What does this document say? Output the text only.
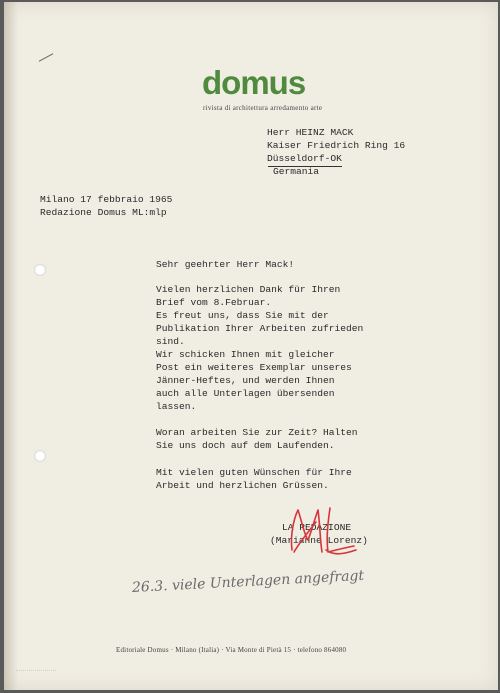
domus
rivista di architettura arredamento arte
Herr HEINZ MACK
Kaiser Friedrich Ring 16
Düsseldorf-OK
Germania
Milano 17 febbraio 1965
Redazione Domus ML:mlp
Sehr geehrter Herr Mack!
Vielen herzlichen Dank für Ihren
Brief vom 8.Februar.
Es freut uns, dass Sie mit der
Publikation Ihrer Arbeiten zufrieden
sind.
Wir schicken Ihnen mit gleicher
Post ein weiteres Exemplar unseres
Jänner-Heftes, und werden Ihnen
auch alle Unterlagen übersenden
lassen.
Woran arbeiten Sie zur Zeit? Halten
Sie uns doch auf dem Laufenden.
Mit vielen guten Wünschen für Ihre
Arbeit und herzlichen Grüssen.
LA REDAZIONE
(Marianne Lorenz)
26.3. viele Unterlagen angefragt
Editoriale Domus · Milano (Italia) · Via Monte di Pietà 15 · telefono 864080
